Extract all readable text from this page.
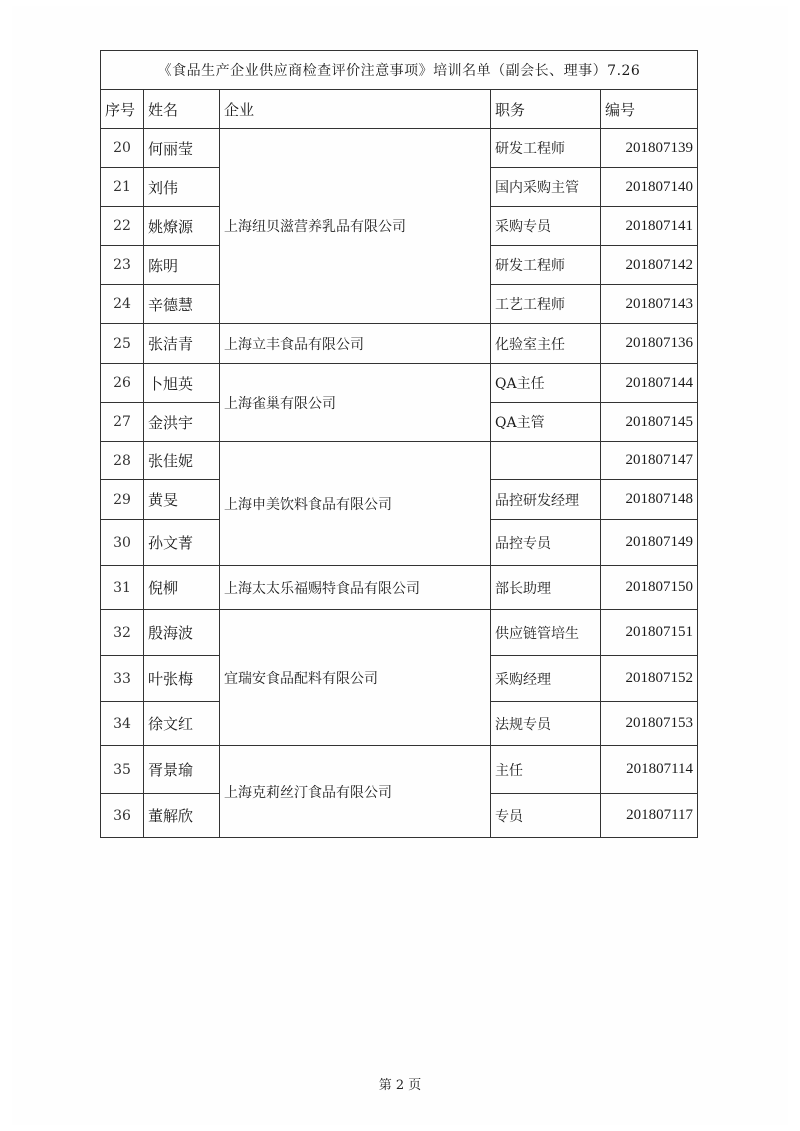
《食品生产企业供应商检查评价注意事项》培训名单（副会长、理事）7.26				
序号	姓名	企业	职务	编号
20	何丽莹	上海纽贝滋营养乳品有限公司	研发工程师	201807139
21	刘伟		国内采购主管	201807140
22	姚燎源		采购专员	201807141
23	陈明		研发工程师	201807142
24	辛德慧		工艺工程师	201807143
25	张洁青	上海立丰食品有限公司	化验室主任	201807136
26	卜旭英	上海雀巢有限公司	QA主任	201807144
27	金洪宇		QA主管	201807145
28	张佳妮	上海申美饮料食品有限公司		201807147
29	黄旻		品控研发经理	201807148
30	孙文菁		品控专员	201807149
31	倪柳	上海太太乐福赐特食品有限公司	部长助理	201807150
32	殷海波	宜瑞安食品配料有限公司	供应链管培生	201807151
33	叶张梅		采购经理	201807152
34	徐文红		法规专员	201807153
35	胥景瑜	上海克莉丝汀食品有限公司	主任	201807114
36	董解欣		专员	201807117
第 2 页
